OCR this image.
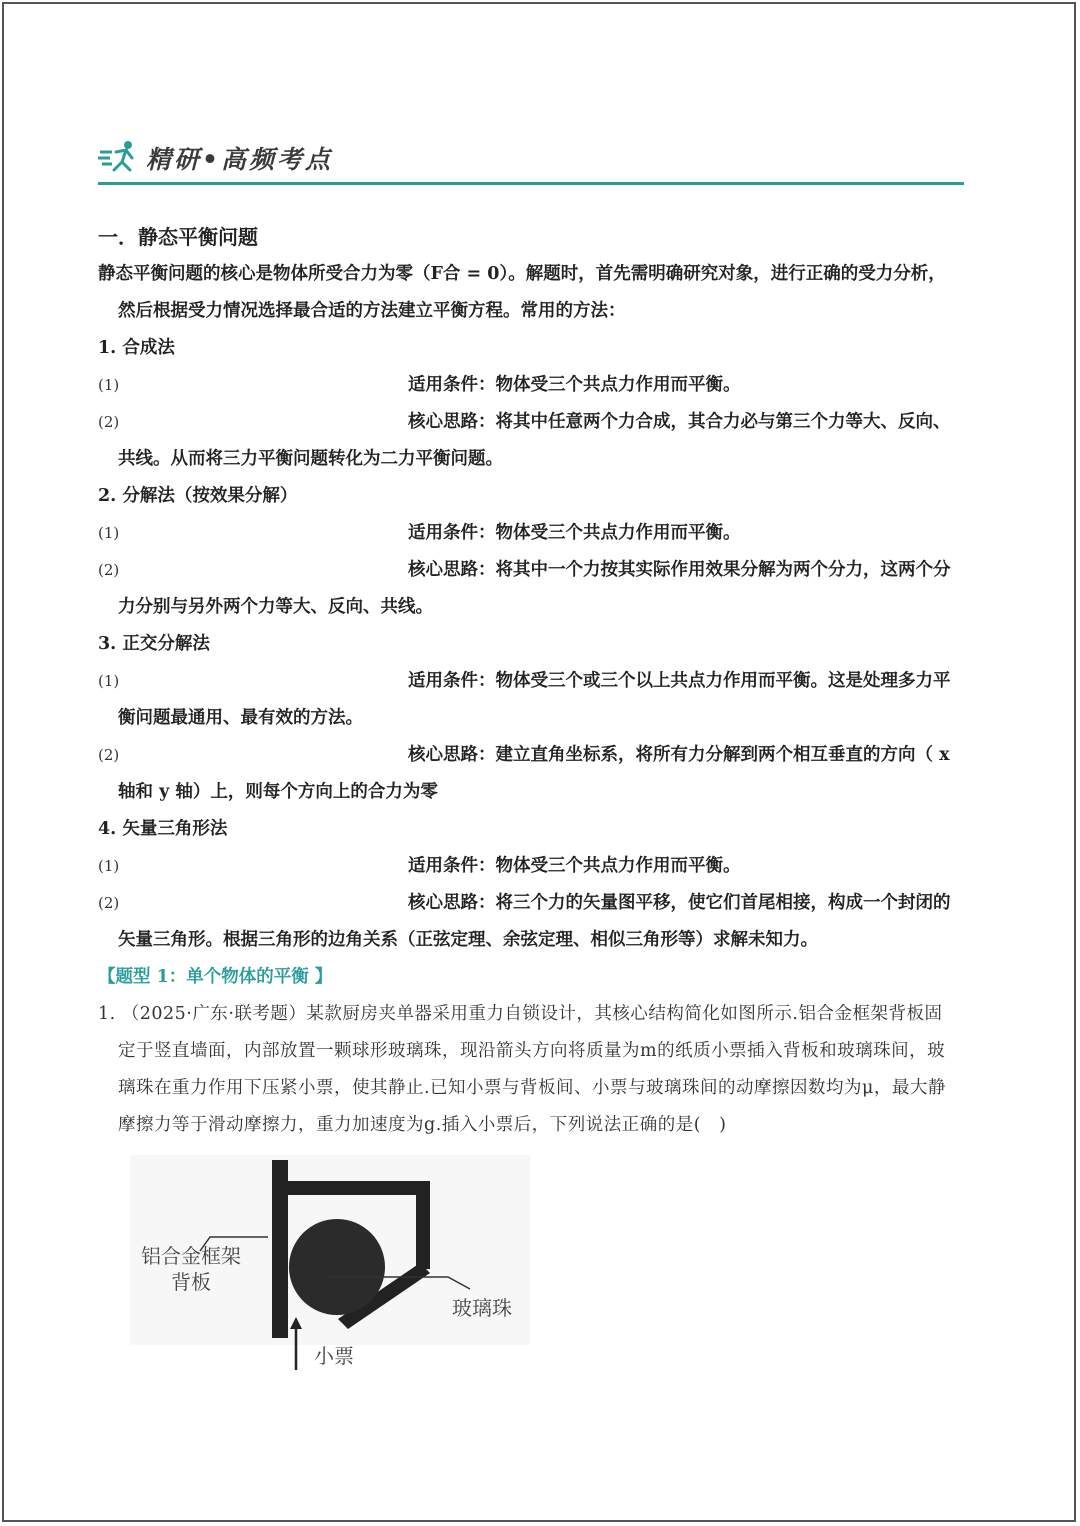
精研•高频考点
一．静态平衡问题
静态平衡问题的核心是物体所受合力为零（F合 = 0）。解题时，首先需明确研究对象，进行正确的受力分析，
然后根据受力情况选择最合适的方法建立平衡方程。常用的方法：
1. 合成法
(1)	适用条件：物体受三个共点力作用而平衡。
(2)	核心思路：将其中任意两个力合成，其合力必与第三个力等大、反向、
共线。从而将三力平衡问题转化为二力平衡问题。
2. 分解法（按效果分解）
(1)	适用条件：物体受三个共点力作用而平衡。
(2)	核心思路：将其中一个力按其实际作用效果分解为两个分力，这两个分
力分别与另外两个力等大、反向、共线。
3. 正交分解法
(1)	适用条件：物体受三个或三个以上共点力作用而平衡。这是处理多力平
衡问题最通用、最有效的方法。
(2)	核心思路：建立直角坐标系，将所有力分解到两个相互垂直的方向（ x
轴和 y 轴）上，则每个方向上的合力为零
4. 矢量三角形法
(1)	适用条件：物体受三个共点力作用而平衡。
(2)	核心思路：将三个力的矢量图平移，使它们首尾相接，构成一个封闭的
矢量三角形。根据三角形的边角关系（正弦定理、余弦定理、相似三角形等）求解未知力。
【题型 1：单个物体的平衡 】
1. （2025·广东·联考题）某款厨房夹单器采用重力自锁设计，其核心结构简化如图所示.铝合金框架背板固
定于竖直墙面，内部放置一颗球形玻璃珠，现沿箭头方向将质量为m的纸质小票插入背板和玻璃珠间，玻
璃珠在重力作用下压紧小票，使其静止.已知小票与背板间、小票与玻璃珠间的动摩擦因数均为μ，最大静
摩擦力等于滑动摩擦力，重力加速度为g.插入小票后，下列说法正确的是(　)
铝合金框架
背板
玻璃珠
小票
